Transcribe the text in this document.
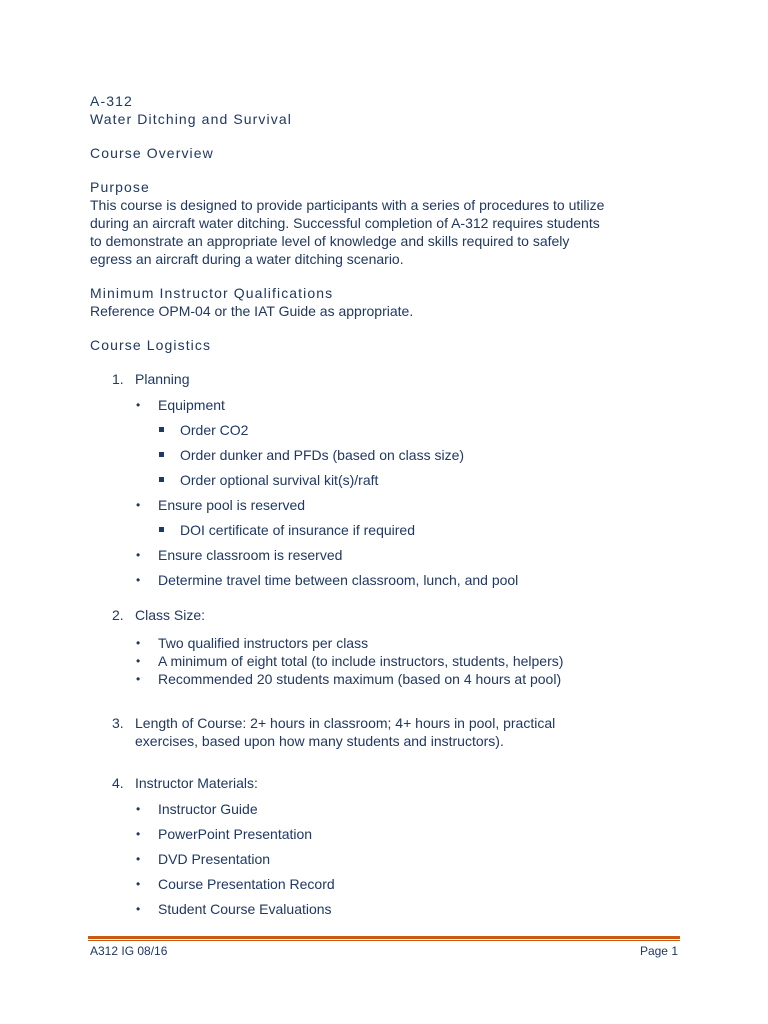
A-312
Water Ditching and Survival
Course Overview
Purpose
This course is designed to provide participants with a series of procedures to utilize
during an aircraft water ditching. Successful completion of A-312 requires students
to demonstrate an appropriate level of knowledge and skills required to safely
egress an aircraft during a water ditching scenario.
Minimum Instructor Qualifications
Reference OPM-04 or the IAT Guide as appropriate.
Course Logistics
1. Planning
• Equipment
Order CO2
Order dunker and PFDs (based on class size)
Order optional survival kit(s)/raft
• Ensure pool is reserved
DOI certificate of insurance if required
• Ensure classroom is reserved
• Determine travel time between classroom, lunch, and pool
2. Class Size:
• Two qualified instructors per class
• A minimum of eight total (to include instructors, students, helpers)
• Recommended 20 students maximum (based on 4 hours at pool)
3. Length of Course: 2+ hours in classroom; 4+ hours in pool, practical
exercises, based upon how many students and instructors).
4. Instructor Materials:
• Instructor Guide
• PowerPoint Presentation
• DVD Presentation
• Course Presentation Record
• Student Course Evaluations
A312 IG 08/16	Page 1
